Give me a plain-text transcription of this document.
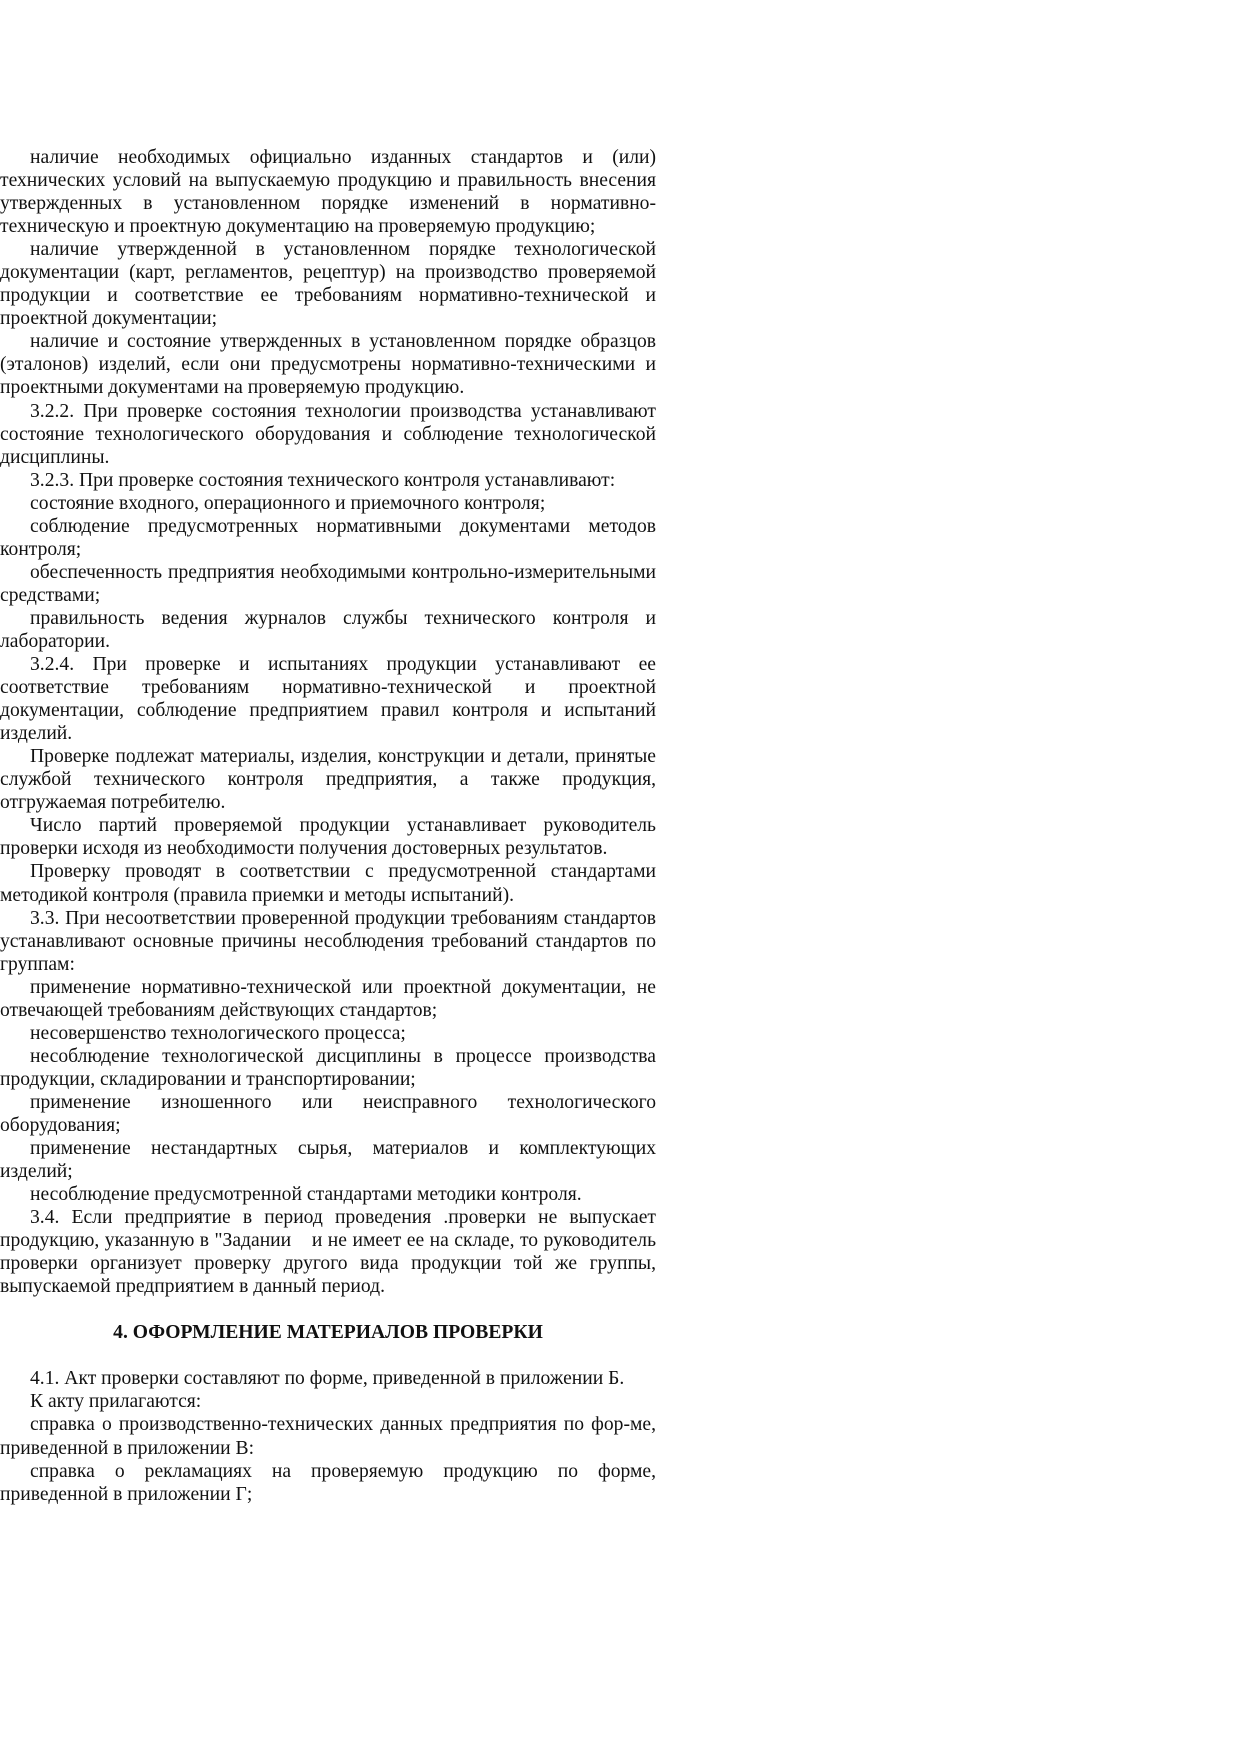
наличие необходимых официально изданных стандартов и (или) технических условий на выпускаемую продукцию и правильность внесения утвержденных в установленном порядке изменений в нормативно-техническую и проектную документацию на проверяемую продукцию;

наличие утвержденной в установленном порядке технологической документации (карт, регламентов, рецептур) на производство проверяемой продукции и соответствие ее требованиям нормативно-технической и проектной документации;

наличие и состояние утвержденных в установленном порядке образцов (эталонов) изделий, если они предусмотрены нормативно-техническими и проектными документами на проверяемую продукцию.

3.2.2. При проверке состояния технологии производства устанавливают состояние технологического оборудования и соблюдение технологической дисциплины.

3.2.3. При проверке состояния технического контроля устанавливают:

состояние входного, операционного и приемочного контроля;

соблюдение предусмотренных нормативными документами методов контроля;

обеспеченность предприятия необходимыми контрольно-измерительными средствами;

правильность ведения журналов службы технического контроля и лаборатории.

3.2.4. При проверке и испытаниях продукции устанавливают ее соответствие требованиям нормативно-технической и проектной документации, соблюдение предприятием правил контроля и испытаний изделий.

Проверке подлежат материалы, изделия, конструкции и детали, принятые службой технического контроля предприятия, а также продукция, отгружаемая потребителю.

Число партий проверяемой продукции устанавливает руководитель проверки исходя из необходимости получения достоверных результатов.

Проверку проводят в соответствии с предусмотренной стандартами методикой контроля (правила приемки и методы испытаний).

3.3. При несоответствии проверенной продукции требованиям стандартов устанавливают основные причины несоблюдения требований стандартов по группам:

применение нормативно-технической или проектной документации, не отвечающей требованиям действующих стандартов;

несовершенство технологического процесса;

несоблюдение технологической дисциплины в процессе производства продукции, складировании и транспортировании;

применение изношенного или неисправного технологического оборудования;

применение нестандартных сырья, материалов и комплектующих изделий;

несоблюдение предусмотренной стандартами методики контроля.

3.4. Если предприятие в период проведения .проверки не выпускает продукцию, указанную в "Задании  и не имеет ее на складе, то руководитель проверки организует проверку другого вида продукции той же группы, выпускаемой предприятием в данный период.

4. ОФОРМЛЕНИЕ МАТЕРИАЛОВ ПРОВЕРКИ

4.1. Акт проверки составляют по форме, приведенной в приложении Б.

К акту прилагаются:

справка о производственно-технических данных предприятия по фор-ме, приведенной в приложении В:

справка о рекламациях на проверяемую продукцию по форме, приведенной в приложении Г;
